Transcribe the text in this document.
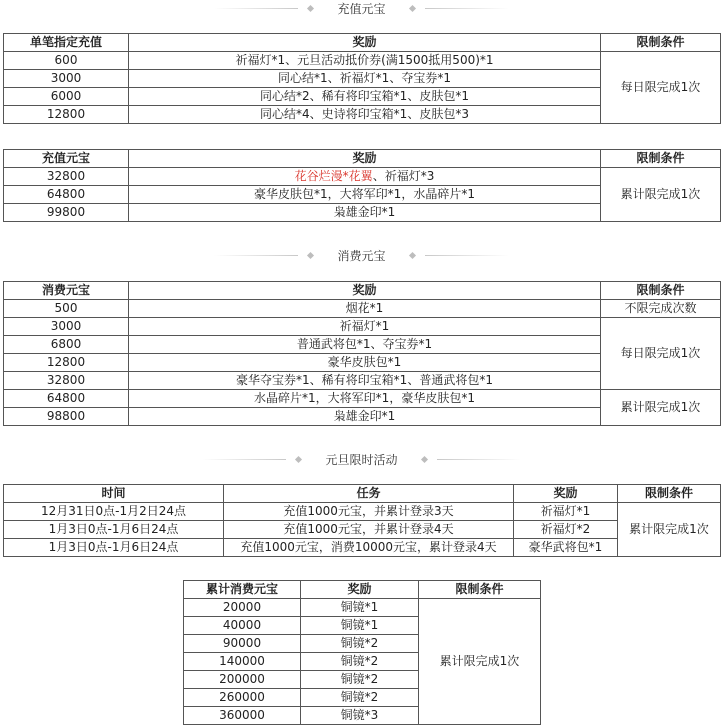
充值元宝
单笔指定充值	奖励	限制条件
600	祈福灯*1、元旦活动抵价券(满1500抵用500)*1	每日限完成1次
3000	同心结*1、祈福灯*1、夺宝券*1	
6000	同心结*2、稀有将印宝箱*1、皮肤包*1	
12800	同心结*4、史诗将印宝箱*1、皮肤包*3	
充值元宝	奖励	限制条件
32800	花谷烂漫*花翼、祈福灯*3	累计限完成1次
64800	豪华皮肤包*1，大将军印*1，水晶碎片*1	
99800	枭雄金印*1	
消费元宝
消费元宝	奖励	限制条件
500	烟花*1	不限完成次数
3000	祈福灯*1	每日限完成1次
6800	普通武将包*1、夺宝券*1	
12800	豪华皮肤包*1	
32800	豪华夺宝券*1、稀有将印宝箱*1、普通武将包*1	
64800	水晶碎片*1，大将军印*1，豪华皮肤包*1	累计限完成1次
98800	枭雄金印*1	
元旦限时活动
时间	任务	奖励	限制条件
12月31日0点-1月2日24点	充值1000元宝，并累计登录3天	祈福灯*1	累计限完成1次
1月3日0点-1月6日24点	充值1000元宝，并累计登录4天	祈福灯*2	
1月3日0点-1月6日24点	充值1000元宝，消费10000元宝，累计登录4天	豪华武将包*1	
累计消费元宝	奖励	限制条件
20000	铜镜*1	累计限完成1次
40000	铜镜*1	
90000	铜镜*2	
140000	铜镜*2	
200000	铜镜*2	
260000	铜镜*2	
360000	铜镜*3	
